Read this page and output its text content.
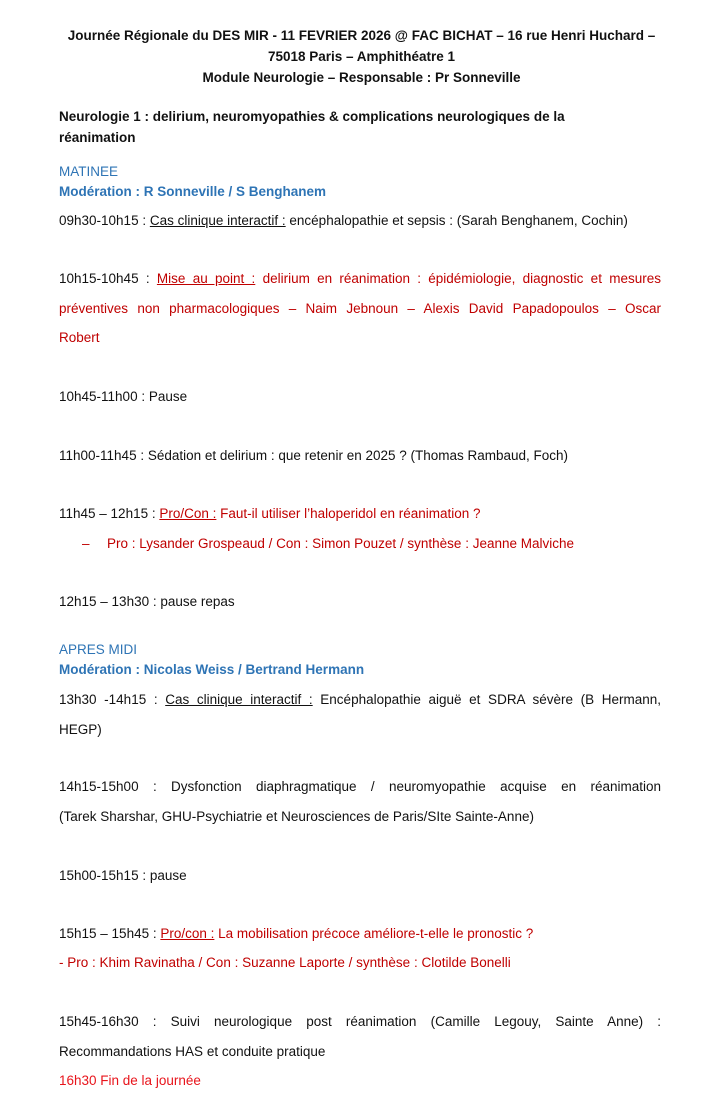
Journée Régionale du DES MIR - 11 FEVRIER 2026 @ FAC BICHAT – 16 rue Henri Huchard –
75018 Paris – Amphithéatre 1
Module Neurologie – Responsable : Pr Sonneville
Neurologie 1 : delirium, neuromyopathies & complications neurologiques de la
réanimation
MATINEE
Modération : R Sonneville / S Benghanem
09h30-10h15 : Cas clinique interactif : encéphalopathie et sepsis : (Sarah Benghanem, Cochin)
10h15-10h45 : Mise au point : delirium en réanimation : épidémiologie, diagnostic et mesures
préventives non pharmacologiques – Naim Jebnoun – Alexis David Papadopoulos – Oscar
Robert
10h45-11h00 : Pause
11h00-11h45 : Sédation et delirium : que retenir en 2025 ? (Thomas Rambaud, Foch)
11h45 – 12h15 : Pro/Con : Faut-il utiliser l’haloperidol en réanimation ?
– Pro : Lysander Grospeaud / Con : Simon Pouzet / synthèse : Jeanne Malviche
12h15 – 13h30 : pause repas
APRES MIDI
Modération : Nicolas Weiss / Bertrand Hermann
13h30 -14h15 : Cas clinique interactif : Encéphalopathie aiguë et SDRA sévère (B Hermann,
HEGP)
14h15-15h00 : Dysfonction diaphragmatique / neuromyopathie acquise en réanimation
(Tarek Sharshar, GHU-Psychiatrie et Neurosciences de Paris/SIte Sainte-Anne)
15h00-15h15 : pause
15h15 – 15h45 : Pro/con : La mobilisation précoce améliore-t-elle le pronostic ?
- Pro : Khim Ravinatha / Con : Suzanne Laporte / synthèse : Clotilde Bonelli
15h45-16h30 : Suivi neurologique post réanimation (Camille Legouy, Sainte Anne) :
Recommandations HAS et conduite pratique
16h30 Fin de la journée
